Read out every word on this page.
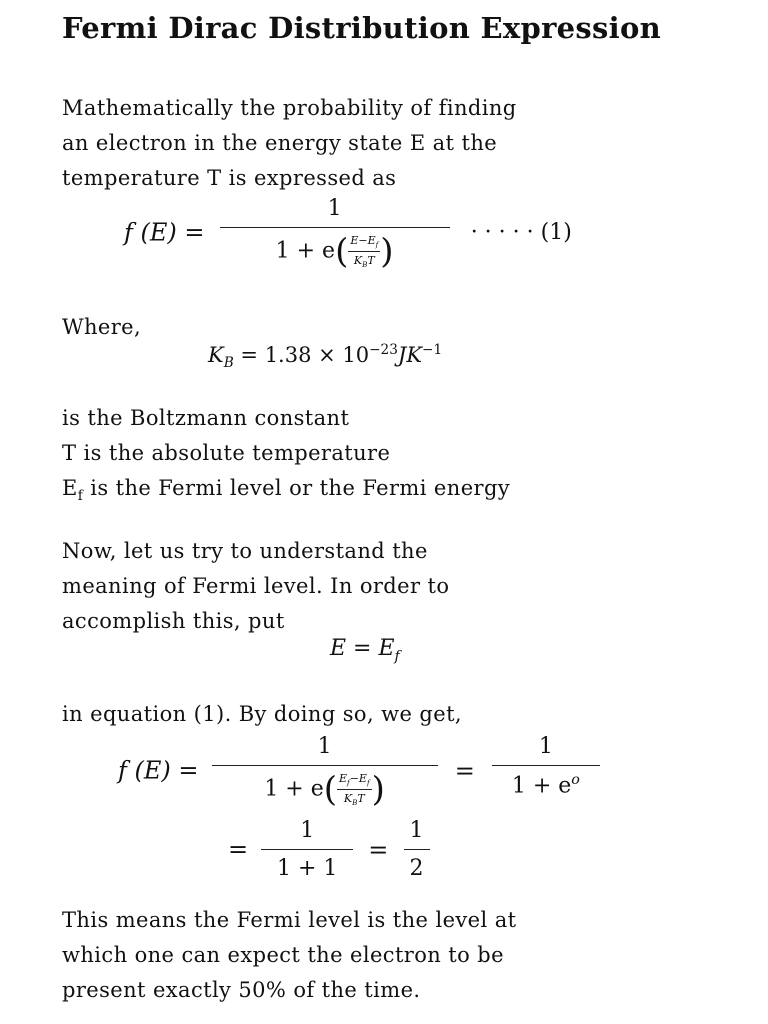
Fermi Dirac Distribution Expression

Mathematically the probability of finding
an electron in the energy state E at the
temperature T is expressed as

f $(E) = \frac{1}{1 + e( \frac{E-E_f}{K_BT} )}$ · · · · · (1)

Where,

$K_B = 1.38 \times 10^{-23}JK^{-1}$

is the Boltzmann constant
T is the absolute temperature
$E_f$ is the Fermi level or the Fermi energy

Now, let us try to understand the
meaning of Fermi level. In order to
accomplish this, put

$E = E_f$

in equation (1). By doing so, we get,

f $(E) = \frac{1}{1 + e( \frac{E_f-E_f}{K_BT} )} = \frac{1}{1 + e^o}$
= $\frac{1}{1 + 1} = \frac{1}{2}$

This means the Fermi level is the level at
which one can expect the electron to be
present exactly 50% of the time.
